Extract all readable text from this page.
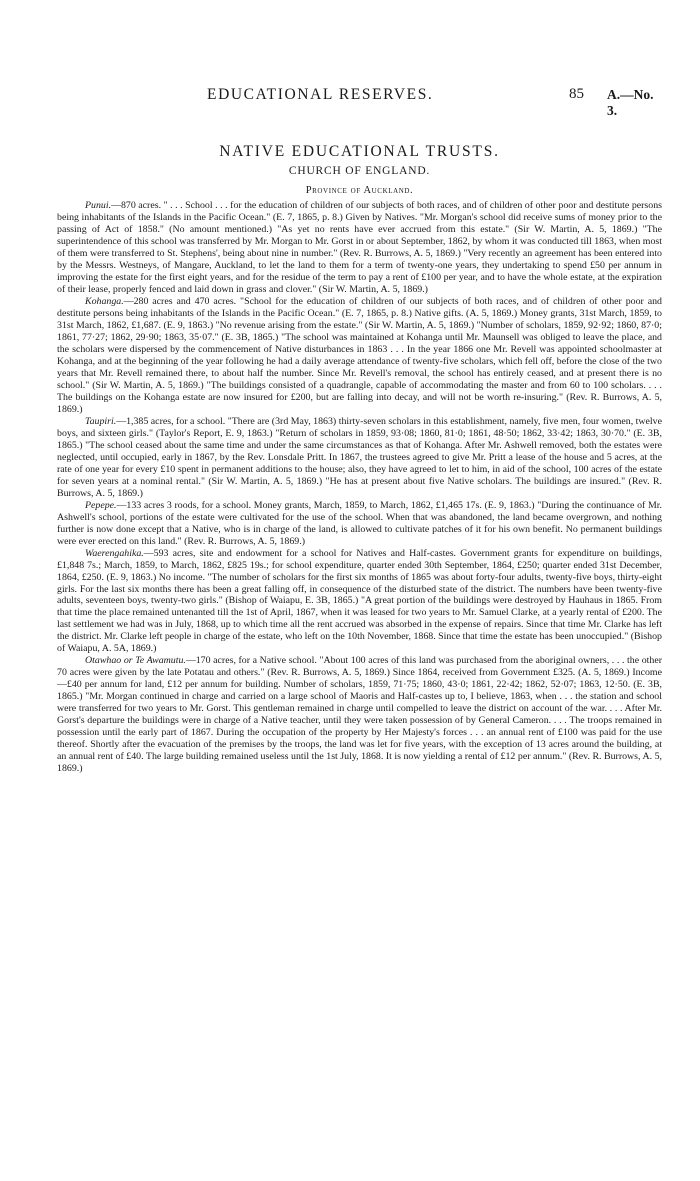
EDUCATIONAL RESERVES.	85 A.—No. 3.
NATIVE EDUCATIONAL TRUSTS.
CHURCH OF ENGLAND.
Province of Auckland.

Punui.—870 acres. " . . . School . . . for the education of children of our subjects of both races, and of children of other poor and destitute persons being inhabitants of the Islands in the Pacific Ocean." (E. 7, 1865, p. 8.) Given by Natives. "Mr. Morgan's school did receive sums of money prior to the passing of Act of 1858." (No amount mentioned.) "As yet no rents have ever accrued from this estate." (Sir W. Martin, A. 5, 1869.) "The superintendence of this school was transferred by Mr. Morgan to Mr. Gorst in or about September, 1862, by whom it was conducted till 1863, when most of them were transferred to St. Stephens', being about nine in number." (Rev. R. Burrows, A. 5, 1869.) "Very recently an agreement has been entered into by the Messrs. Westneys, of Mangare, Auckland, to let the land to them for a term of twenty-one years, they undertaking to spend £50 per annum in improving the estate for the first eight years, and for the residue of the term to pay a rent of £100 per year, and to have the whole estate, at the expiration of their lease, properly fenced and laid down in grass and clover." (Sir W. Martin, A. 5, 1869.)

Kohanga.—280 acres and 470 acres. "School for the education of children of our subjects of both races, and of children of other poor and destitute persons being inhabitants of the Islands in the Pacific Ocean." (E. 7, 1865, p. 8.) Native gifts. (A. 5, 1869.) Money grants, 31st March, 1859, to 31st March, 1862, £1,687. (E. 9, 1863.) "No revenue arising from the estate." (Sir W. Martin, A. 5, 1869.) "Number of scholars, 1859, 92·92; 1860, 87·0; 1861, 77·27; 1862, 29·90; 1863, 35·07." (E. 3B, 1865.) "The school was maintained at Kohanga until Mr. Maunsell was obliged to leave the place, and the scholars were dispersed by the commencement of Native disturbances in 1863 . . . In the year 1866 one Mr. Revell was appointed schoolmaster at Kohanga, and at the beginning of the year following he had a daily average attendance of twenty-five scholars, which fell off, before the close of the two years that Mr. Revell remained there, to about half the number. Since Mr. Revell's removal, the school has entirely ceased, and at present there is no school." (Sir W. Martin, A. 5, 1869.) "The buildings consisted of a quadrangle, capable of accommodating the master and from 60 to 100 scholars. . . . The buildings on the Kohanga estate are now insured for £200, but are falling into decay, and will not be worth re-insuring." (Rev. R. Burrows, A. 5, 1869.)

Taupiri.—1,385 acres, for a school. "There are (3rd May, 1863) thirty-seven scholars in this establishment, namely, five men, four women, twelve boys, and sixteen girls." (Taylor's Report, E. 9, 1863.) "Return of scholars in 1859, 93·08; 1860, 81·0; 1861, 48·50; 1862, 33·42; 1863, 30·70." (E. 3B, 1865.) "The school ceased about the same time and under the same circumstances as that of Kohanga. After Mr. Ashwell removed, both the estates were neglected, until occupied, early in 1867, by the Rev. Lonsdale Pritt. In 1867, the trustees agreed to give Mr. Pritt a lease of the house and 5 acres, at the rate of one year for every £10 spent in permanent additions to the house; also, they have agreed to let to him, in aid of the school, 100 acres of the estate for seven years at a nominal rental." (Sir W. Martin, A. 5, 1869.) "He has at present about five Native scholars. The buildings are insured." (Rev. R. Burrows, A. 5, 1869.)

Pepepe.—133 acres 3 roods, for a school. Money grants, March, 1859, to March, 1862, £1,465 17s. (E. 9, 1863.) "During the continuance of Mr. Ashwell's school, portions of the estate were cultivated for the use of the school. When that was abandoned, the land became overgrown, and nothing further is now done except that a Native, who is in charge of the land, is allowed to cultivate patches of it for his own benefit. No permanent buildings were ever erected on this land." (Rev. R. Burrows, A. 5, 1869.)

Waerengahika.—593 acres, site and endowment for a school for Natives and Half-castes. Government grants for expenditure on buildings, £1,848 7s.; March, 1859, to March, 1862, £825 19s.; for school expenditure, quarter ended 30th September, 1864, £250; quarter ended 31st December, 1864, £250. (E. 9, 1863.) No income. "The number of scholars for the first six months of 1865 was about forty-four adults, twenty-five boys, thirty-eight girls. For the last six months there has been a great falling off, in consequence of the disturbed state of the district. The numbers have been twenty-five adults, seventeen boys, twenty-two girls." (Bishop of Waiapu, E. 3B, 1865.) "A great portion of the buildings were destroyed by Hauhaus in 1865. From that time the place remained untenanted till the 1st of April, 1867, when it was leased for two years to Mr. Samuel Clarke, at a yearly rental of £200. The last settlement we had was in July, 1868, up to which time all the rent accrued was absorbed in the expense of repairs. Since that time Mr. Clarke has left the district. Mr. Clarke left people in charge of the estate, who left on the 10th November, 1868. Since that time the estate has been unoccupied." (Bishop of Waiapu, A. 5A, 1869.)

Otawhao or Te Awamutu.—170 acres, for a Native school. "About 100 acres of this land was purchased from the aboriginal owners, . . . the other 70 acres were given by the late Potatau and others." (Rev. R. Burrows, A. 5, 1869.) Since 1864, received from Government £325. (A. 5, 1869.) Income—£40 per annum for land, £12 per annum for building. Number of scholars, 1859, 71·75; 1860, 43·0; 1861, 22·42; 1862, 52·07; 1863, 12·50. (E. 3B, 1865.) "Mr. Morgan continued in charge and carried on a large school of Maoris and Half-castes up to, I believe, 1863, when . . . the station and school were transferred for two years to Mr. Gorst. This gentleman remained in charge until compelled to leave the district on account of the war. . . . After Mr. Gorst's departure the buildings were in charge of a Native teacher, until they were taken possession of by General Cameron. . . . The troops remained in possession until the early part of 1867. During the occupation of the property by Her Majesty's forces . . . an annual rent of £100 was paid for the use thereof. Shortly after the evacuation of the premises by the troops, the land was let for five years, with the exception of 13 acres around the building, at an annual rent of £40. The large building remained useless until the 1st July, 1868. It is now yielding a rental of £12 per annum." (Rev. R. Burrows, A. 5, 1869.)
